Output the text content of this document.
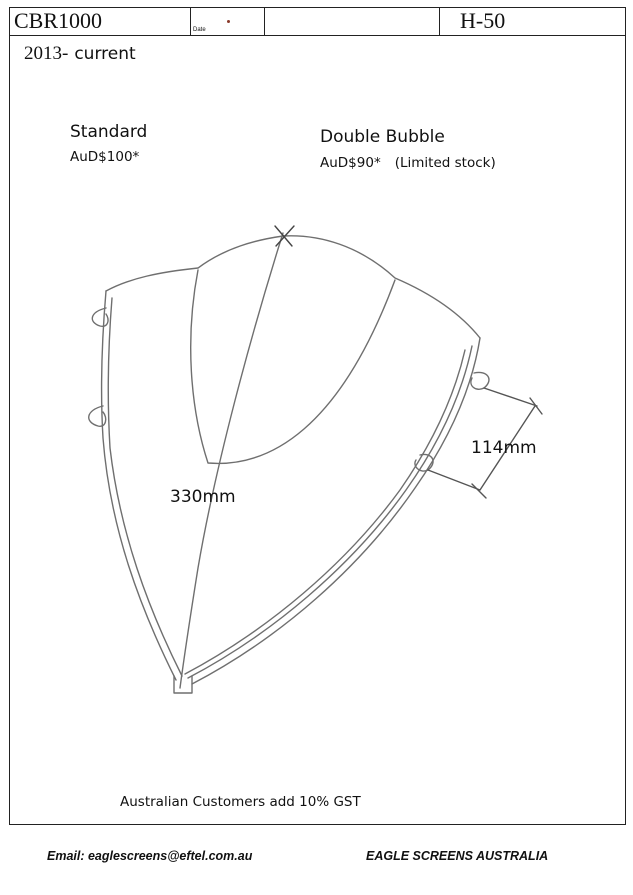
CBR1000	Date	H-50
2013- current
Standard
AuD$100*
Double Bubble
AuD$90* (Limited stock)
330mm
114mm
Australian Customers add 10% GST
Email: eaglescreens@eftel.com.au	EAGLE SCREENS AUSTRALIA
